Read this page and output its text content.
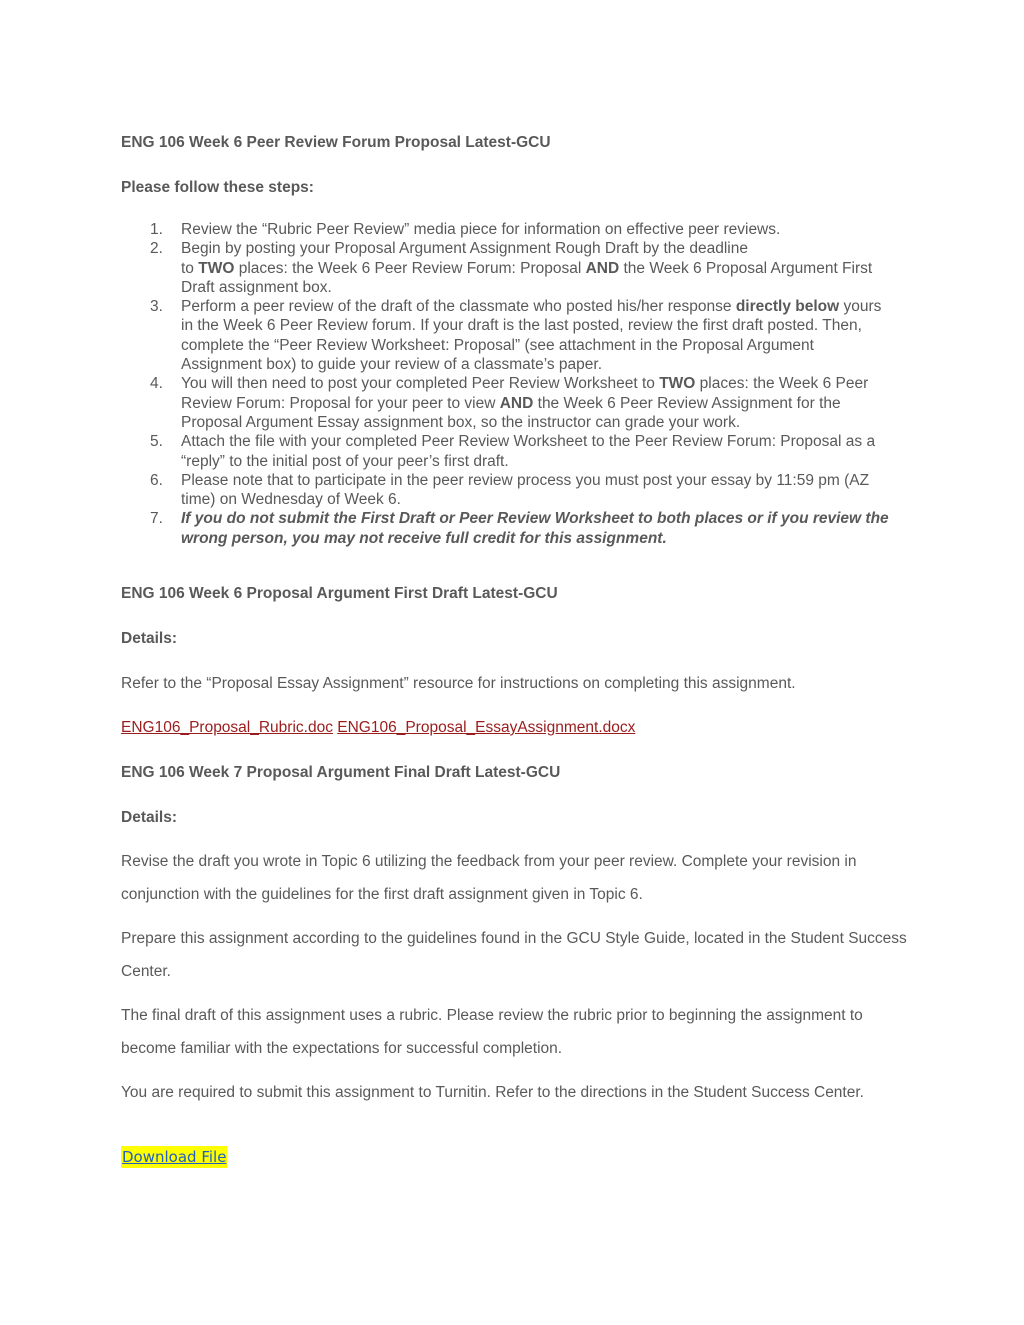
ENG 106 Week 6 Peer Review Forum Proposal Latest-GCU
Please follow these steps:
1. Review the “Rubric Peer Review” media piece for information on effective peer reviews.
2. Begin by posting your Proposal Argument Assignment Rough Draft by the deadline
to TWO places: the Week 6 Peer Review Forum: Proposal AND the Week 6 Proposal Argument First Draft assignment box.
3. Perform a peer review of the draft of the classmate who posted his/her response directly below yours in the Week 6 Peer Review forum. If your draft is the last posted, review the first draft posted. Then, complete the “Peer Review Worksheet: Proposal” (see attachment in the Proposal Argument Assignment box) to guide your review of a classmate’s paper.
4. You will then need to post your completed Peer Review Worksheet to TWO places: the Week 6 Peer Review Forum: Proposal for your peer to view AND the Week 6 Peer Review Assignment for the Proposal Argument Essay assignment box, so the instructor can grade your work.
5. Attach the file with your completed Peer Review Worksheet to the Peer Review Forum: Proposal as a “reply” to the initial post of your peer’s first draft.
6. Please note that to participate in the peer review process you must post your essay by 11:59 pm (AZ time) on Wednesday of Week 6.
7. If you do not submit the First Draft or Peer Review Worksheet to both places or if you review the wrong person, you may not receive full credit for this assignment.
ENG 106 Week 6 Proposal Argument First Draft Latest-GCU
Details:
Refer to the “Proposal Essay Assignment” resource for instructions on completing this assignment.
ENG106_Proposal_Rubric.doc ENG106_Proposal_EssayAssignment.docx
ENG 106 Week 7 Proposal Argument Final Draft Latest-GCU
Details:
Revise the draft you wrote in Topic 6 utilizing the feedback from your peer review. Complete your revision in conjunction with the guidelines for the first draft assignment given in Topic 6.
Prepare this assignment according to the guidelines found in the GCU Style Guide, located in the Student Success Center.
The final draft of this assignment uses a rubric. Please review the rubric prior to beginning the assignment to become familiar with the expectations for successful completion.
You are required to submit this assignment to Turnitin. Refer to the directions in the Student Success Center.
Download File
